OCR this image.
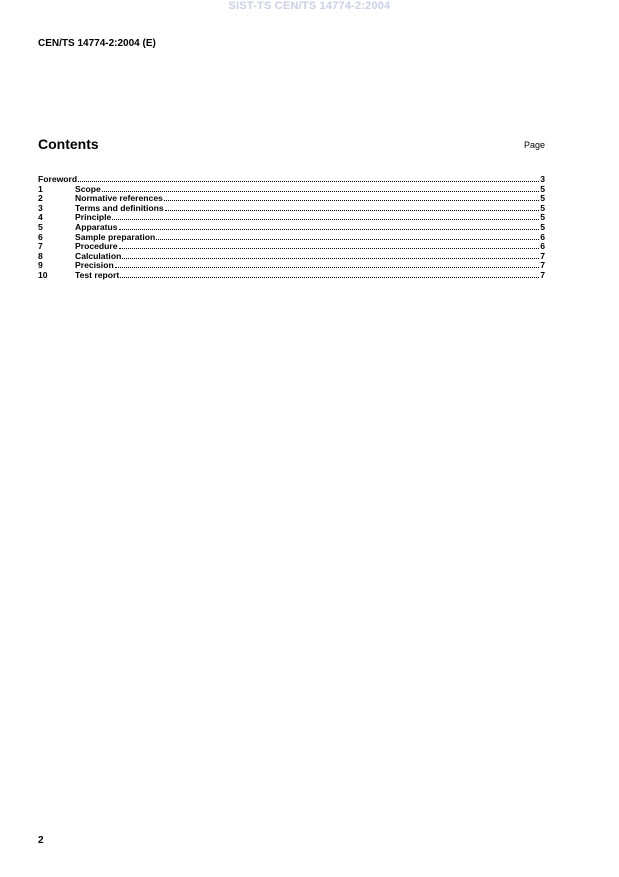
SIST-TS CEN/TS 14774-2:2004
CEN/TS 14774-2:2004 (E)
Contents	Page
Foreword	3
1	Scope	5
2	Normative references	5
3	Terms and definitions	5
4	Principle	5
5	Apparatus	5
6	Sample preparation	6
7	Procedure	6
8	Calculation	7
9	Precision	7
10	Test report	7
2
